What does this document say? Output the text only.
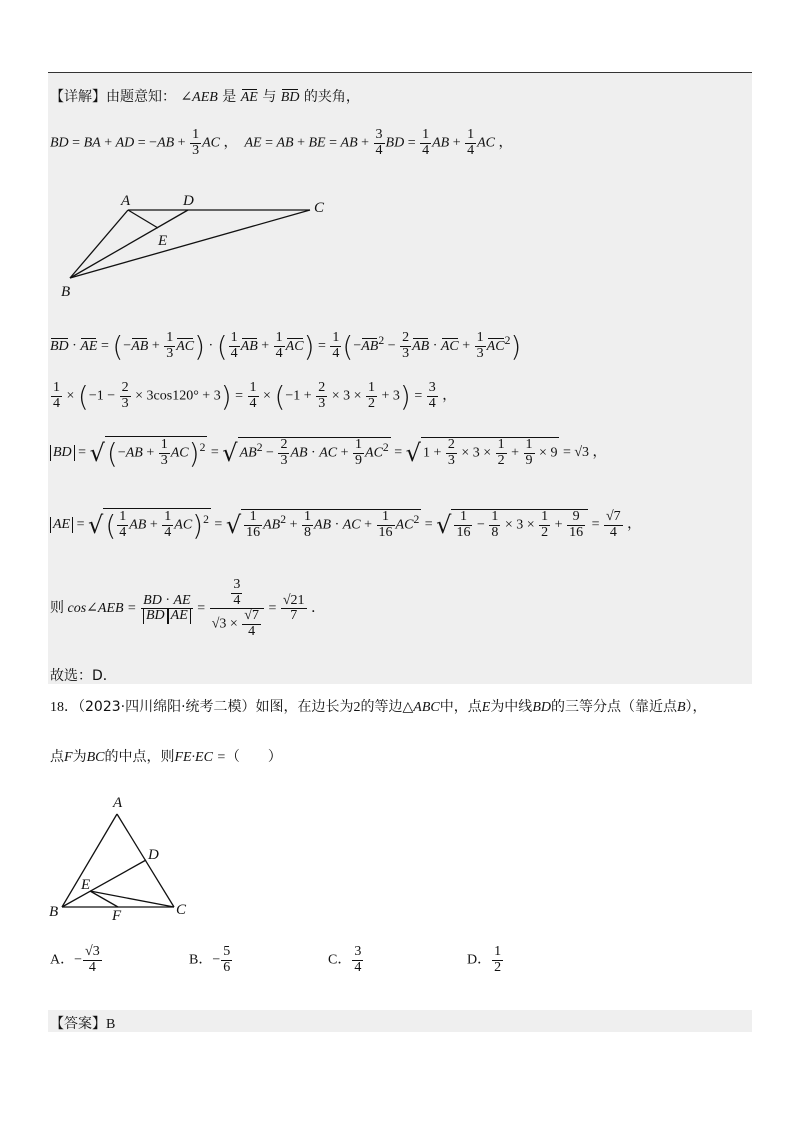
【详解】由题意知： ∠AEB 是 AE 与 BD 的夹角，
BD = BA + AD = $-AB + \frac{1}{3}$ AC ，  AE = AB + BE = AB + $\frac{3}{4}$ BD = $\frac{1}{4}$ AB + $\frac{1}{4}$ AC ，
A	D	C
E
B
BD · AE = $(-AB + \frac{1}{3} AC)$ · ( $\frac{1}{4}$ AB + $\frac{1}{4} AC) = \frac{1}{4} (-AB^2 - \frac{2}{3}$ AB · AC + $\frac{1}{3} AC^2$)
$\frac{1}{4} \times (-1 - \frac{2}{3} \times 3\cos 120^\circ + 3) = \frac{1}{4} \times (-1 + \frac{2}{3} \times 3 \times \frac{1}{2} + 3) = \frac{3}{4}$ ，
BD = $√(-AB + \frac{1}{3} AC)^2$ = √ $AB^2 - \frac{2}{3}$ AB · AC + $\frac{1}{9} AC^2$ = √ $1 + \frac{2}{3} \times 3 \times \frac{1}{2} + \frac{1}{9} \times 9 = √3$ ，
AE = √( $\frac{1}{4}$ AB + $\frac{1}{4} AC)^2$ = √ $\frac{1}{16} AB^2 + \frac{1}{8}$ AB · AC + $\frac{1}{16} AC^2$ = √ $\frac{1}{16} - \frac{1}{8} \times 3 \times \frac{1}{2} + \frac{9}{16} = \frac{√7}{4}$ ，
则 cos∠AEB = $\frac{BD \cdot AE}{\text{BD AE}} = \frac{\frac{3}{4}}{√3 \times \frac{√7}{4}} = \frac{√21}{7}$ ．
故选：D．
18．（2023·四川绵阳·统考二模）如图，在边长为2的等边△ABC中，点E为中线BD的三等分点（靠近点B），
点F为BC的中点，则FE·EC =（　　）
A
D
E
B	F	C
A．− $\frac{√3}{4}$	B．− $\frac{5}{6}$	C． $\frac{3}{4}$	D． $\frac{1}{2}$
【答案】B
